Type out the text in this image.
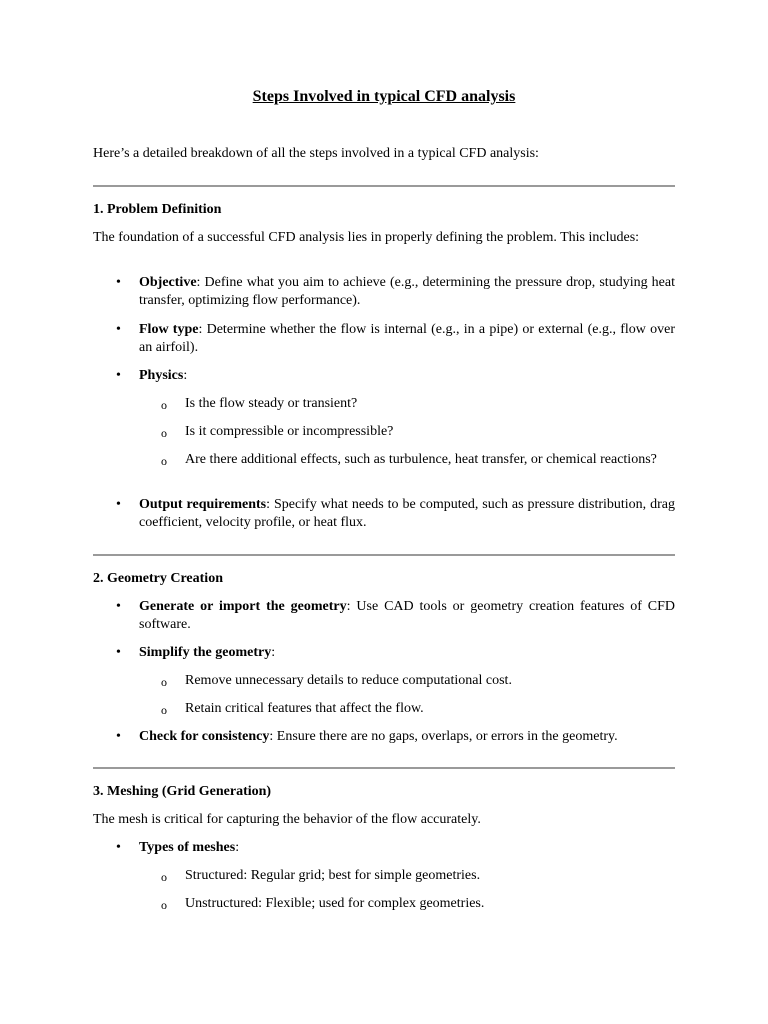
Steps Involved in typical CFD analysis
Here’s a detailed breakdown of all the steps involved in a typical CFD analysis:
1. Problem Definition
The foundation of a successful CFD analysis lies in properly defining the problem. This includes:
• Objective: Define what you aim to achieve (e.g., determining the pressure drop, studying heat transfer, optimizing flow performance).
• Flow type: Determine whether the flow is internal (e.g., in a pipe) or external (e.g., flow over an airfoil).
• Physics:
o Is the flow steady or transient?
o Is it compressible or incompressible?
o Are there additional effects, such as turbulence, heat transfer, or chemical reactions?
• Output requirements: Specify what needs to be computed, such as pressure distribution, drag coefficient, velocity profile, or heat flux.
2. Geometry Creation
• Generate or import the geometry: Use CAD tools or geometry creation features of CFD software.
• Simplify the geometry:
o Remove unnecessary details to reduce computational cost.
o Retain critical features that affect the flow.
• Check for consistency: Ensure there are no gaps, overlaps, or errors in the geometry.
3. Meshing (Grid Generation)
The mesh is critical for capturing the behavior of the flow accurately.
• Types of meshes:
o Structured: Regular grid; best for simple geometries.
o Unstructured: Flexible; used for complex geometries.
